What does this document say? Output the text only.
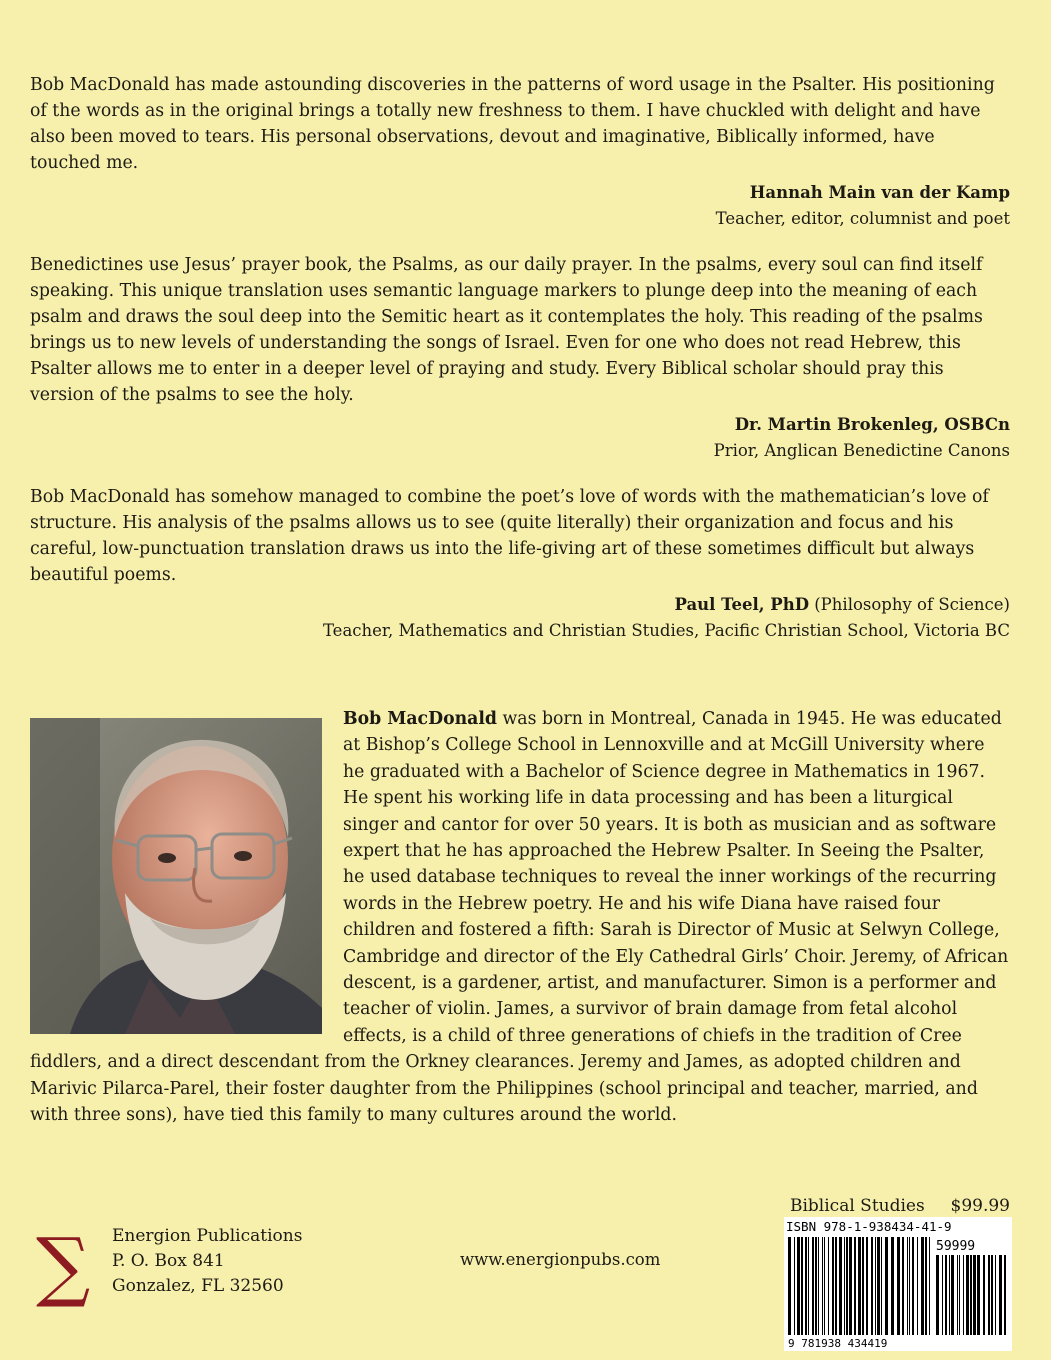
Bob MacDonald has made astounding discoveries in the patterns of word usage in the Psalter. His positioning of the words as in the original brings a totally new freshness to them. I have chuckled with delight and have also been moved to tears. His personal observations, devout and imaginative, Biblically informed, have touched me.

Hannah Main van der Kamp
Teacher, editor, columnist and poet

Benedictines use Jesus’ prayer book, the Psalms, as our daily prayer. In the psalms, every soul can find itself speaking. This unique translation uses semantic language markers to plunge deep into the meaning of each psalm and draws the soul deep into the Semitic heart as it contemplates the holy. This reading of the psalms brings us to new levels of understanding the songs of Israel. Even for one who does not read Hebrew, this Psalter allows me to enter in a deeper level of praying and study. Every Biblical scholar should pray this version of the psalms to see the holy.

Dr. Martin Brokenleg, OSBCn
Prior, Anglican Benedictine Canons

Bob MacDonald has somehow managed to combine the poet’s love of words with the mathematician’s love of structure. His analysis of the psalms allows us to see (quite literally) their organization and focus and his careful, low-punctuation translation draws us into the life-giving art of these sometimes difficult but always beautiful poems.

Paul Teel, PhD (Philosophy of Science)
Teacher, Mathematics and Christian Studies, Pacific Christian School, Victoria BC
Bob MacDonald was born in Montreal, Canada in 1945. He was educated at Bishop’s College School in Lennoxville and at McGill University where he graduated with a Bachelor of Science degree in Mathematics in 1967. He spent his working life in data processing and has been a liturgical singer and cantor for over 50 years. It is both as musician and as software expert that he has approached the Hebrew Psalter. In Seeing the Psalter, he used database techniques to reveal the inner workings of the recurring words in the Hebrew poetry. He and his wife Diana have raised four children and fostered a fifth: Sarah is Director of Music at Selwyn College, Cambridge and director of the Ely Cathedral Girls’ Choir. Jeremy, of African descent, is a gardener, artist, and manufacturer. Simon is a performer and teacher of violin. James, a survivor of brain damage from fetal alcohol effects, is a child of three generations of chiefs in the tradition of Cree fiddlers, and a direct descendant from the Orkney clearances. Jeremy and James, as adopted children and Marivic Pilarca-Parel, their foster daughter from the Philippines (school principal and teacher, married, and with three sons), have tied this family to many cultures around the world.
∑	Energion Publications
P. O. Box 841
Gonzalez, FL 32560
www.energionpubs.com
Biblical Studies $99.99
ISBN 978-1-938434-41-9
59999
9 781938 434419
